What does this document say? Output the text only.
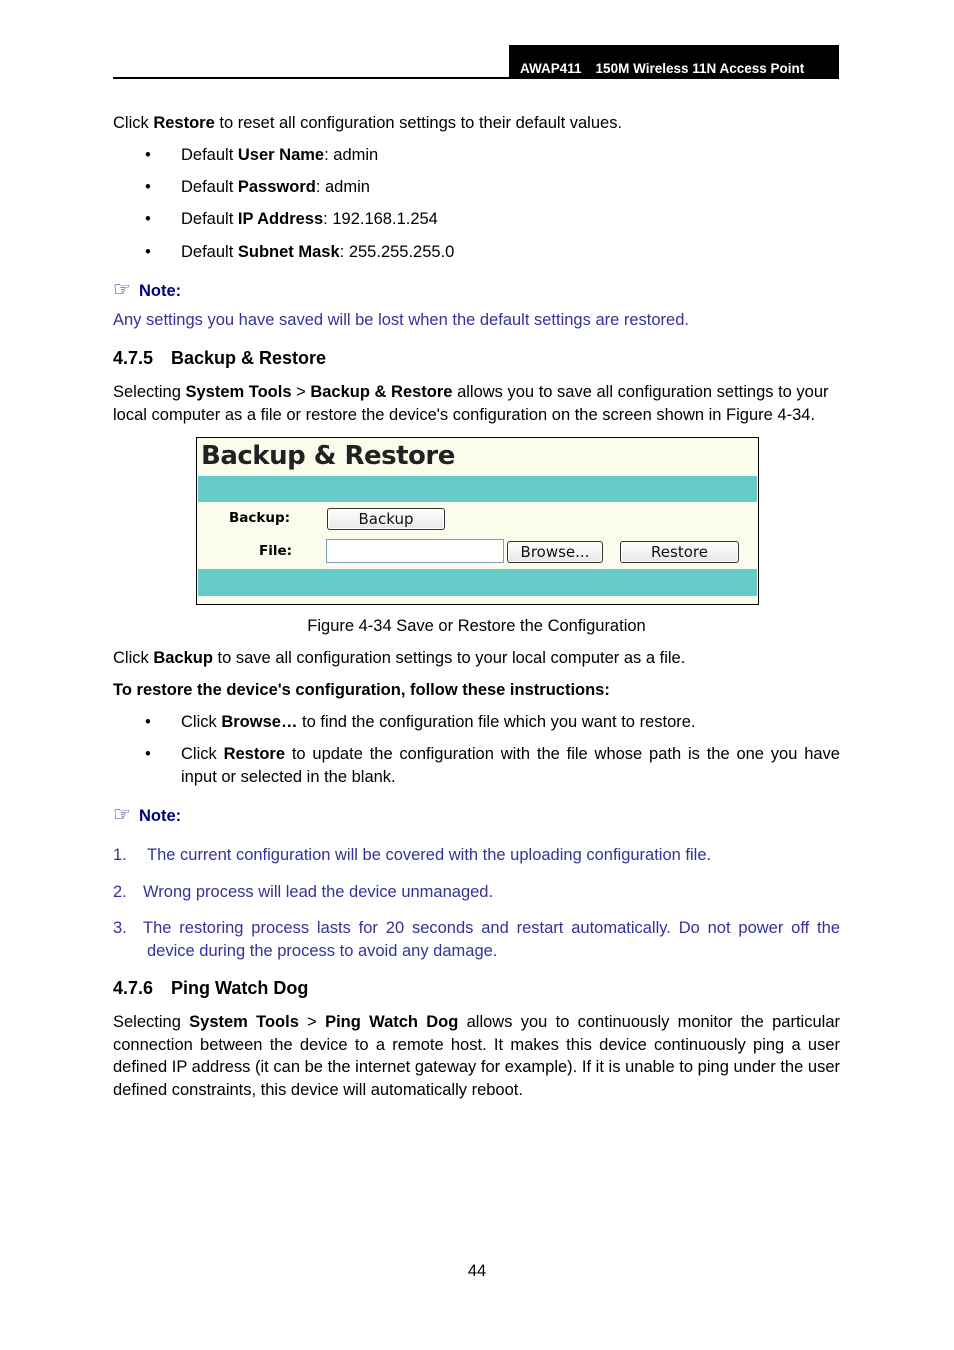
AWAP411 150M Wireless 11N Access Point
Click Restore to reset all configuration settings to their default values.
• Default User Name: admin
• Default Password: admin
• Default IP Address: 192.168.1.254
• Default Subnet Mask: 255.255.255.0
☞ Note:
Any settings you have saved will be lost when the default settings are restored.
4.7.5 Backup & Restore
Selecting System Tools > Backup & Restore allows you to save all configuration settings to your local computer as a file or restore the device's configuration on the screen shown in Figure 4-34.
Backup & Restore
Backup:	Backup
File:	Browse...	Restore
Figure 4-34 Save or Restore the Configuration
Click Backup to save all configuration settings to your local computer as a file.
To restore the device's configuration, follow these instructions:
• Click Browse… to find the configuration file which you want to restore.
• Click Restore to update the configuration with the file whose path is the one you have input or selected in the blank.
☞ Note:
1. The current configuration will be covered with the uploading configuration file.
2. Wrong process will lead the device unmanaged.
3. The restoring process lasts for 20 seconds and restart automatically. Do not power off the device during the process to avoid any damage.
4.7.6 Ping Watch Dog
Selecting System Tools > Ping Watch Dog allows you to continuously monitor the particular connection between the device to a remote host. It makes this device continuously ping a user defined IP address (it can be the internet gateway for example). If it is unable to ping under the user defined constraints, this device will automatically reboot.
44
